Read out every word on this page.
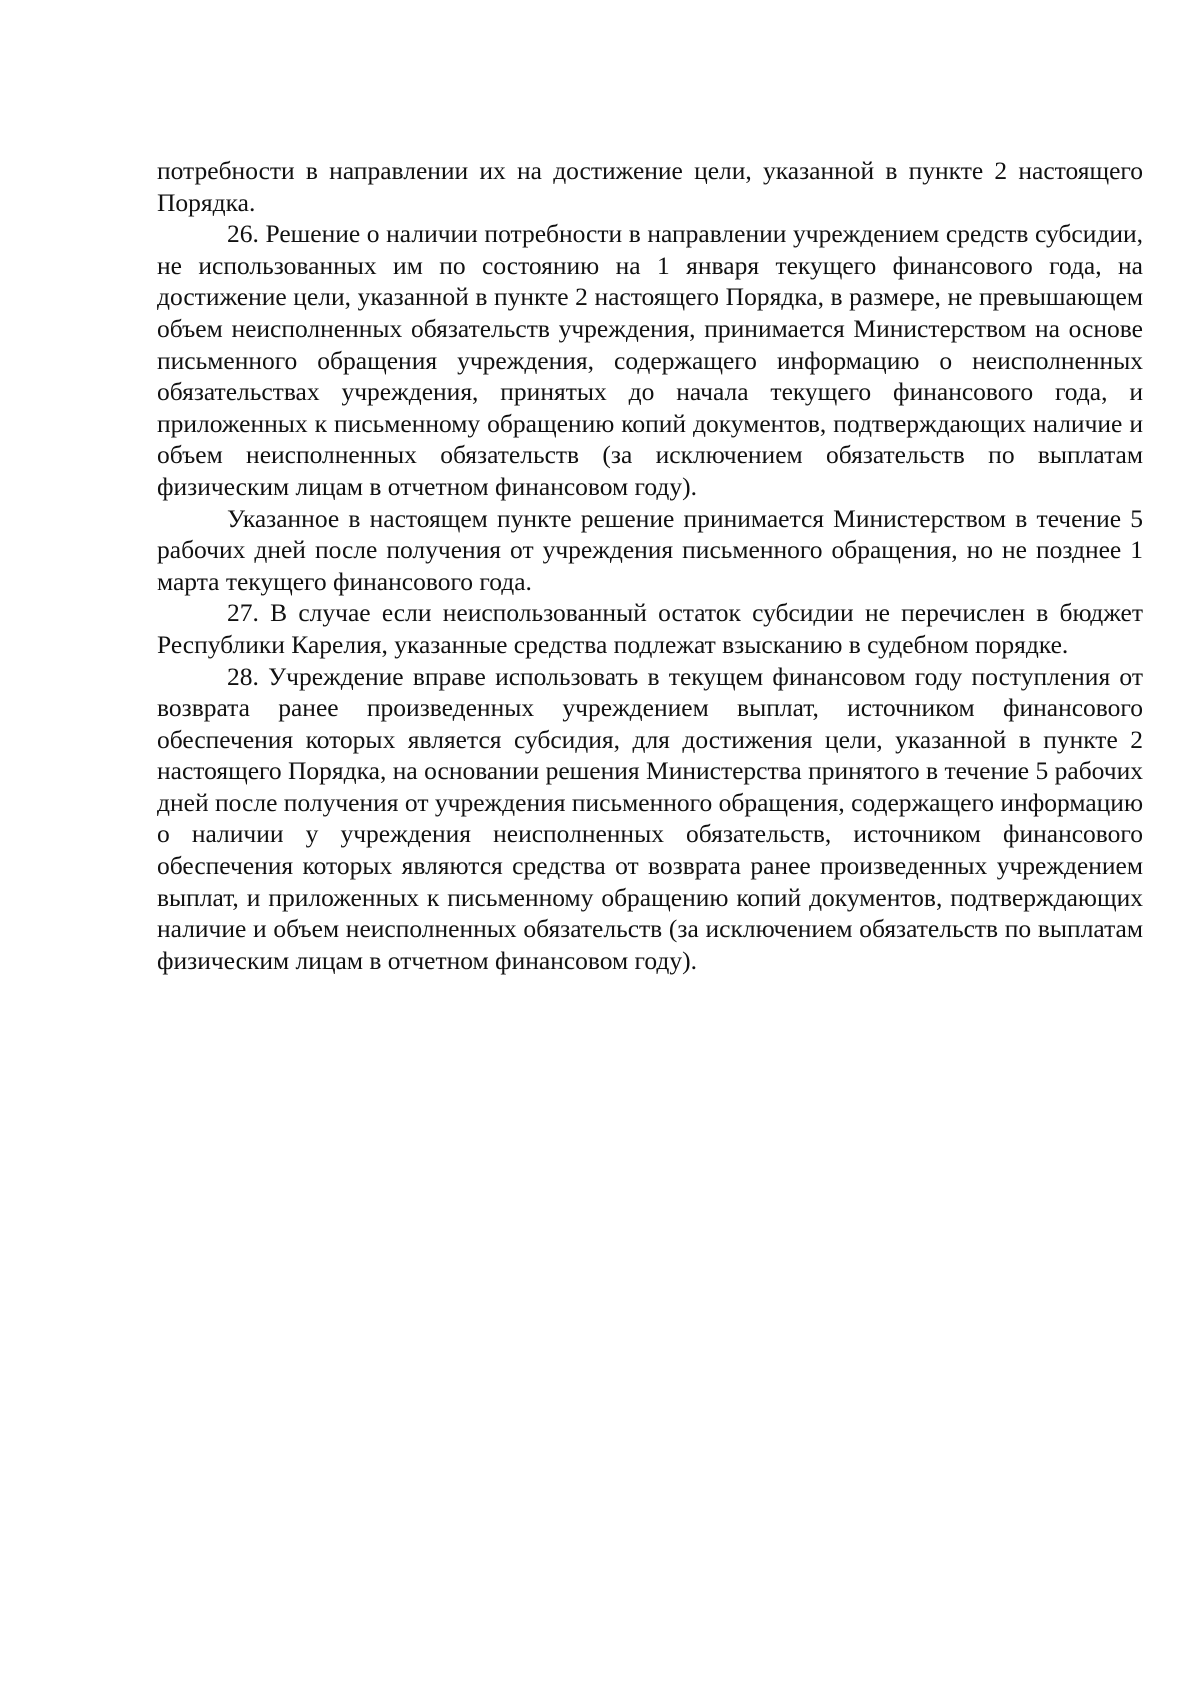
потребности в направлении их на достижение цели, указанной в пункте 2 настоящего Порядка.

26. Решение о наличии потребности в направлении учреждением средств субсидии, не использованных им по состоянию на 1 января текущего финансового года, на достижение цели, указанной в пункте 2 настоящего Порядка, в размере, не превышающем объем неисполненных обязательств учреждения, принимается Министерством на основе письменного обращения учреждения, содержащего информацию о неисполненных обязательствах учреждения, принятых до начала текущего финансового года, и приложенных к письменному обращению копий документов, подтверждающих наличие и объем неисполненных обязательств (за исключением обязательств по выплатам физическим лицам в отчетном финансовом году).

Указанное в настоящем пункте решение принимается Министерством в течение 5 рабочих дней после получения от учреждения письменного обращения, но не позднее 1 марта текущего финансового года.

27. В случае если неиспользованный остаток субсидии не перечислен в бюджет Республики Карелия, указанные средства подлежат взысканию в судебном порядке.

28. Учреждение вправе использовать в текущем финансовом году поступления от возврата ранее произведенных учреждением выплат, источником финансового обеспечения которых является субсидия, для достижения цели, указанной в пункте 2 настоящего Порядка, на основании решения Министерства принятого в течение 5 рабочих дней после получения от учреждения письменного обращения, содержащего информацию о наличии у учреждения неисполненных обязательств, источником финансового обеспечения которых являются средства от возврата ранее произведенных учреждением выплат, и приложенных к письменному обращению копий документов, подтверждающих наличие и объем неисполненных обязательств (за исключением обязательств по выплатам физическим лицам в отчетном финансовом году).
